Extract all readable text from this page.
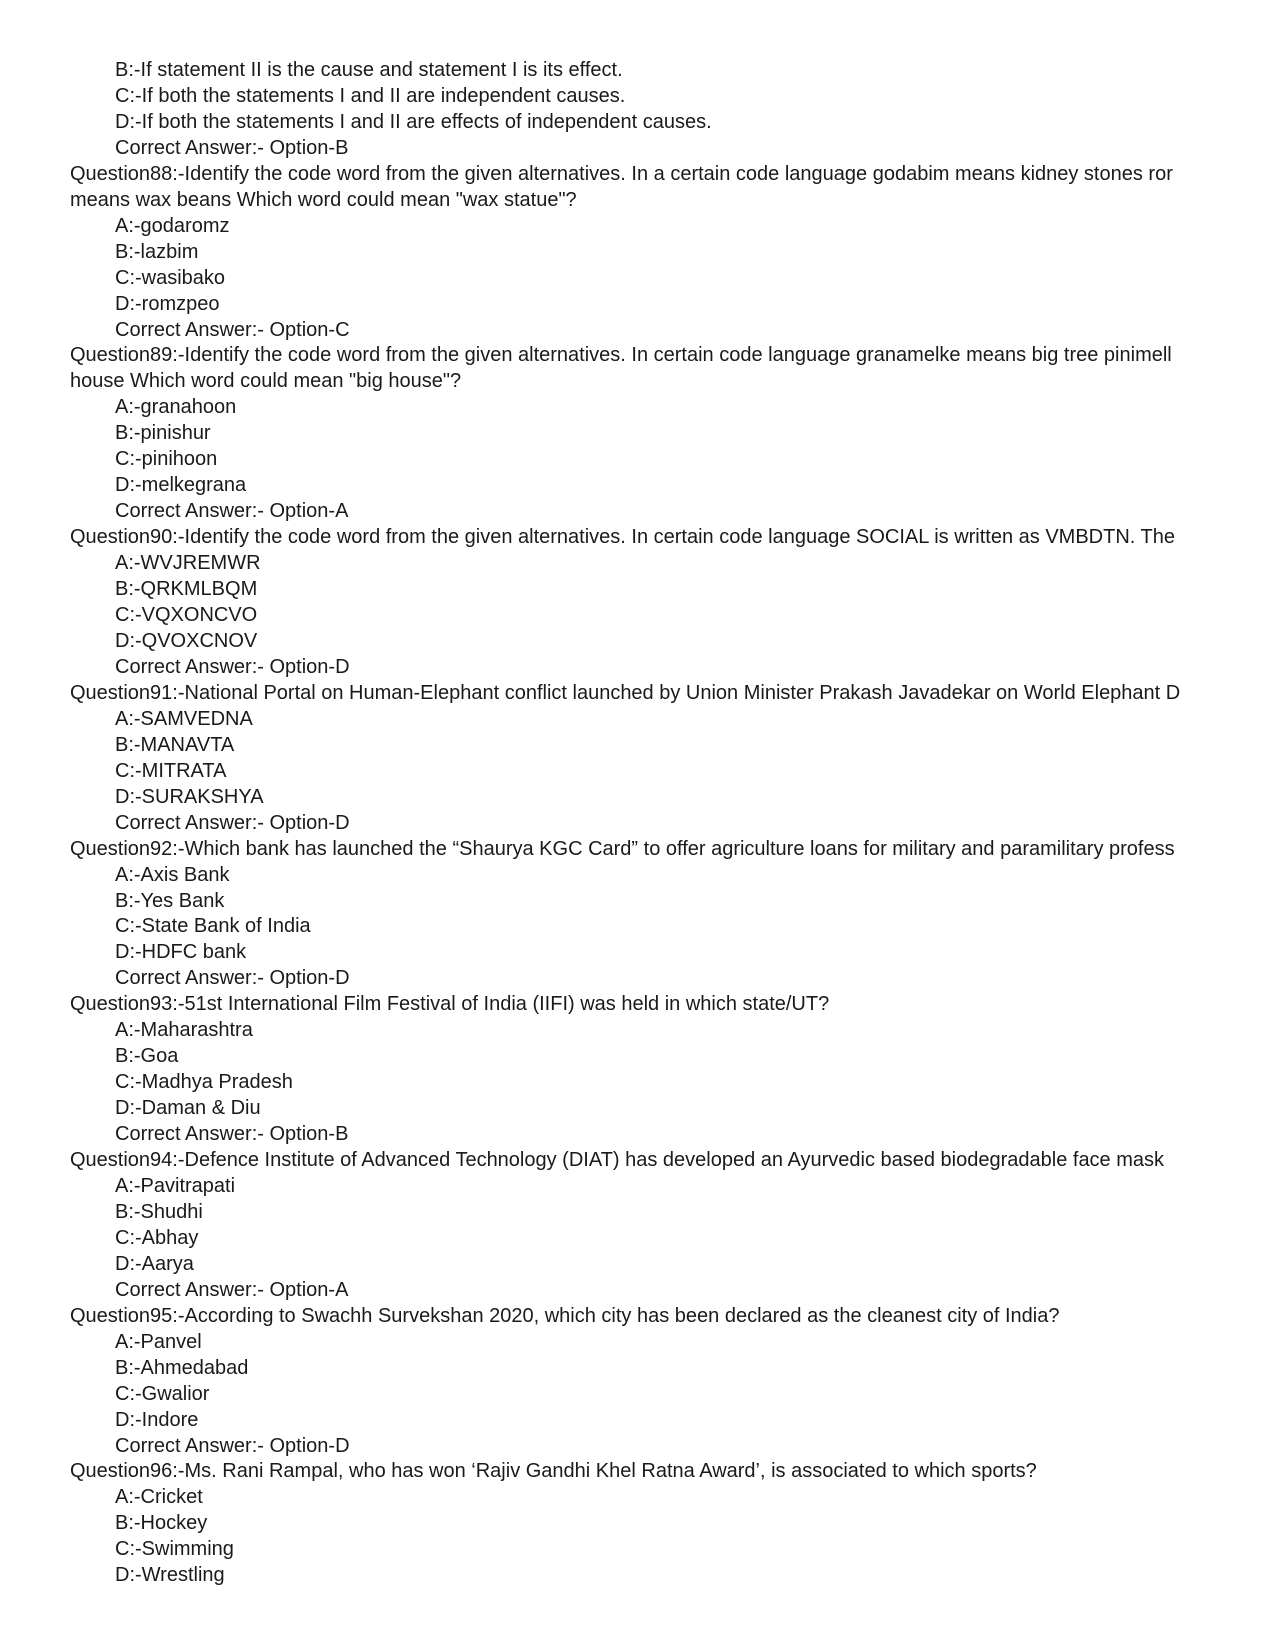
B:-If statement II is the cause and statement I is its effect.
C:-If both the statements I and II are independent causes.
D:-If both the statements I and II are effects of independent causes.
Correct Answer:- Option-B
Question88:-Identify the code word from the given alternatives. In a certain code language godabim means kidney stones ror
means wax beans Which word could mean "wax statue"?
A:-godaromz
B:-lazbim
C:-wasibako
D:-romzpeo
Correct Answer:- Option-C
Question89:-Identify the code word from the given alternatives. In certain code language granamelke means big tree pinimell
house Which word could mean "big house"?
A:-granahoon
B:-pinishur
C:-pinihoon
D:-melkegrana
Correct Answer:- Option-A
Question90:-Identify the code word from the given alternatives. In certain code language SOCIAL is written as VMBDTN. The
A:-WVJREMWR
B:-QRKMLBQM
C:-VQXONCVO
D:-QVOXCNOV
Correct Answer:- Option-D
Question91:-National Portal on Human-Elephant conflict launched by Union Minister Prakash Javadekar on World Elephant D
A:-SAMVEDNA
B:-MANAVTA
C:-MITRATA
D:-SURAKSHYA
Correct Answer:- Option-D
Question92:-Which bank has launched the “Shaurya KGC Card” to offer agriculture loans for military and paramilitary profess
A:-Axis Bank
B:-Yes Bank
C:-State Bank of India
D:-HDFC bank
Correct Answer:- Option-D
Question93:-51st International Film Festival of India (IIFI) was held in which state/UT?
A:-Maharashtra
B:-Goa
C:-Madhya Pradesh
D:-Daman & Diu
Correct Answer:- Option-B
Question94:-Defence Institute of Advanced Technology (DIAT) has developed an Ayurvedic based biodegradable face mask
A:-Pavitrapati
B:-Shudhi
C:-Abhay
D:-Aarya
Correct Answer:- Option-A
Question95:-According to Swachh Survekshan 2020, which city has been declared as the cleanest city of India?
A:-Panvel
B:-Ahmedabad
C:-Gwalior
D:-Indore
Correct Answer:- Option-D
Question96:-Ms. Rani Rampal, who has won ‘Rajiv Gandhi Khel Ratna Award’, is associated to which sports?
A:-Cricket
B:-Hockey
C:-Swimming
D:-Wrestling
